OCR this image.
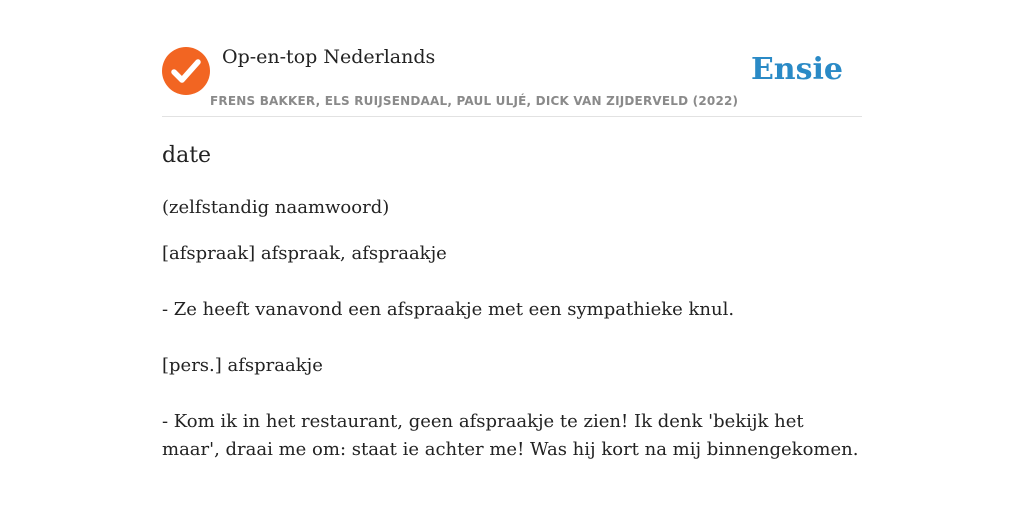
Op-en-top Nederlands
FRENS BAKKER, ELS RUIJSENDAAL, PAUL ULJÉ, DICK VAN ZIJDERVELD (2022)
Ensie
date

(zelfstandig naamwoord)

[afspraak] afspraak, afspraakje

- Ze heeft vanavond een afspraakje met een sympathieke knul.

[pers.] afspraakje

- Kom ik in het restaurant, geen afspraakje te zien! Ik denk 'bekijk het maar', draai me om: staat ie achter me! Was hij kort na mij binnengekomen.
